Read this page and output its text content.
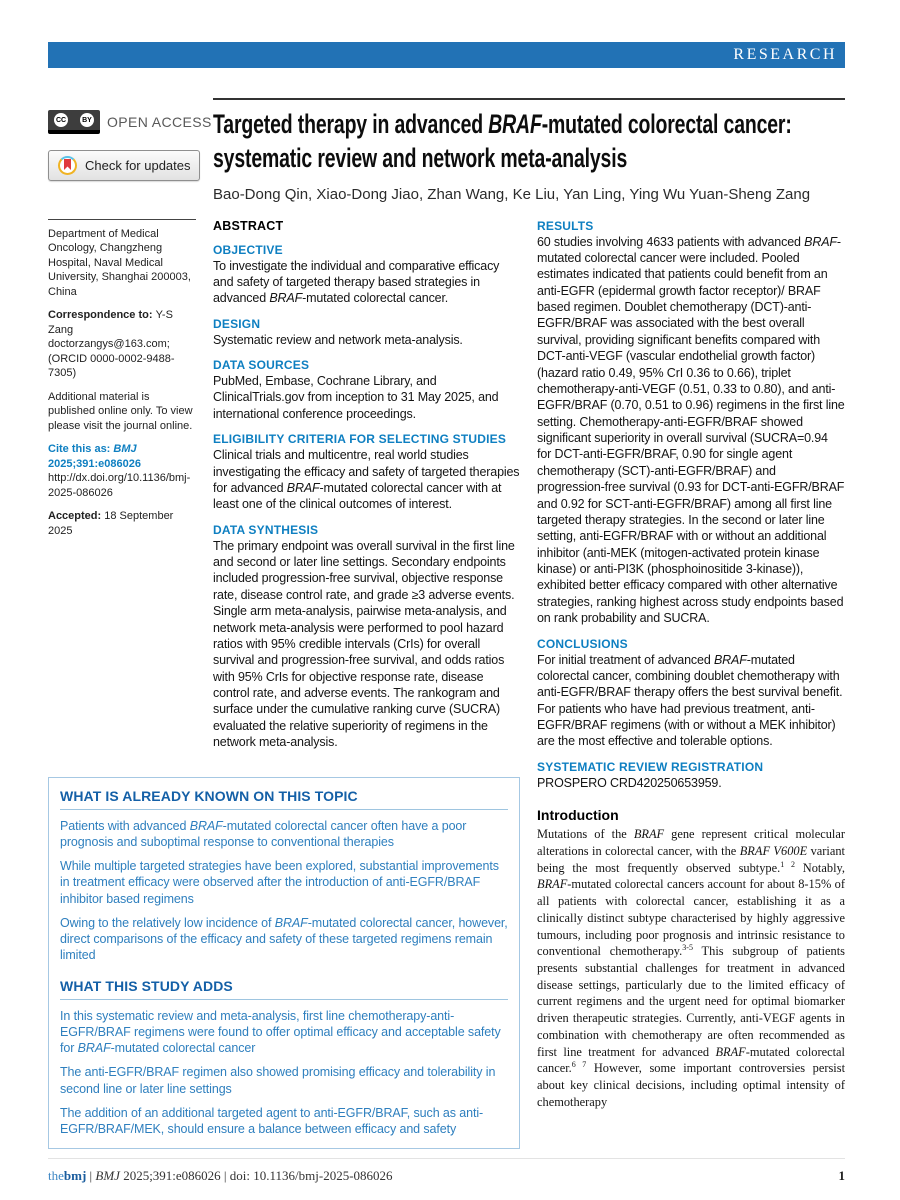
RESEARCH
CC	BY OPEN ACCESS
Check for updates
Targeted therapy in advanced BRAF-mutated colorectal cancer: systematic review and network meta-analysis
Bao-Dong Qin, Xiao-Dong Jiao, Zhan Wang, Ke Liu, Yan Ling, Ying Wu Yuan-Sheng Zang

Department of Medical Oncology, Changzheng Hospital, Naval Medical University, Shanghai 200003, China

Correspondence to: Y-S Zang doctorzangys@163.com; (ORCID 0000-0002-9488-7305)

Additional material is published online only. To view please visit the journal online.

Cite this as: BMJ 2025;391:e086026
http://dx.doi.org/10.1136/bmj-2025-086026

Accepted: 18 September 2025

ABSTRACT
OBJECTIVE

To investigate the individual and comparative efficacy and safety of targeted therapy based strategies in advanced BRAF-mutated colorectal cancer.

DESIGN

Systematic review and network meta-analysis.

DATA SOURCES

PubMed, Embase, Cochrane Library, and ClinicalTrials.gov from inception to 31 May 2025, and international conference proceedings.

ELIGIBILITY CRITERIA FOR SELECTING STUDIES

Clinical trials and multicentre, real world studies investigating the efficacy and safety of targeted therapies for advanced BRAF-mutated colorectal cancer with at least one of the clinical outcomes of interest.

DATA SYNTHESIS

The primary endpoint was overall survival in the first line and second or later line settings. Secondary endpoints included progression-free survival, objective response rate, disease control rate, and grade ≥3 adverse events. Single arm meta-analysis, pairwise meta-analysis, and network meta-analysis were performed to pool hazard ratios with 95% credible intervals (CrIs) for overall survival and progression-free survival, and odds ratios with 95% CrIs for objective response rate, disease control rate, and adverse events. The rankogram and surface under the cumulative ranking curve (SUCRA) evaluated the relative superiority of regimens in the network meta-analysis.

WHAT IS ALREADY KNOWN ON THIS TOPIC

Patients with advanced BRAF-mutated colorectal cancer often have a poor prognosis and suboptimal response to conventional therapies

While multiple targeted strategies have been explored, substantial improvements in treatment efficacy were observed after the introduction of anti-EGFR/BRAF inhibitor based regimens

Owing to the relatively low incidence of BRAF-mutated colorectal cancer, however, direct comparisons of the efficacy and safety of these targeted regimens remain limited

WHAT THIS STUDY ADDS

In this systematic review and meta-analysis, first line chemotherapy-anti-EGFR/BRAF regimens were found to offer optimal efficacy and acceptable safety for BRAF-mutated colorectal cancer

The anti-EGFR/BRAF regimen also showed promising efficacy and tolerability in second line or later line settings

The addition of an additional targeted agent to anti-EGFR/BRAF, such as anti-EGFR/BRAF/MEK, should ensure a balance between efficacy and safety

RESULTS

60 studies involving 4633 patients with advanced BRAF-mutated colorectal cancer were included. Pooled estimates indicated that patients could benefit from an anti-EGFR (epidermal growth factor receptor)/ BRAF based regimen. Doublet chemotherapy (DCT)-anti-EGFR/BRAF was associated with the best overall survival, providing significant benefits compared with DCT-anti-VEGF (vascular endothelial growth factor) (hazard ratio 0.49, 95% CrI 0.36 to 0.66), triplet chemotherapy-anti-VEGF (0.51, 0.33 to 0.80), and anti-EGFR/BRAF (0.70, 0.51 to 0.96) regimens in the first line setting. Chemotherapy-anti-EGFR/BRAF showed significant superiority in overall survival (SUCRA=0.94 for DCT-anti-EGFR/BRAF, 0.90 for single agent chemotherapy (SCT)-anti-EGFR/BRAF) and progression-free survival (0.93 for DCT-anti-EGFR/BRAF and 0.92 for SCT-anti-EGFR/BRAF) among all first line targeted therapy strategies. In the second or later line setting, anti-EGFR/BRAF with or without an additional inhibitor (anti-MEK (mitogen-activated protein kinase kinase) or anti-PI3K (phosphoinositide 3-kinase)), exhibited better efficacy compared with other alternative strategies, ranking highest across study endpoints based on rank probability and SUCRA.

CONCLUSIONS

For initial treatment of advanced BRAF-mutated colorectal cancer, combining doublet chemotherapy with anti-EGFR/BRAF therapy offers the best survival benefit. For patients who have had previous treatment, anti-EGFR/BRAF regimens (with or without a MEK inhibitor) are the most effective and tolerable options.

SYSTEMATIC REVIEW REGISTRATION

PROSPERO CRD420250653959.

Introduction

Mutations of the BRAF gene represent critical molecular alterations in colorectal cancer, with the BRAF V600E variant being the most frequently observed subtype.$^{1 2}$ Notably, BRAF-mutated colorectal cancers account for about 8-15% of all patients with colorectal cancer, establishing it as a clinically distinct subtype characterised by highly aggressive tumours, including poor prognosis and intrinsic resistance to conventional chemotherapy.$^{3-5}$ This subgroup of patients presents substantial challenges for treatment in advanced disease settings, particularly due to the limited efficacy of current regimens and the urgent need for optimal biomarker driven therapeutic strategies. Currently, anti-VEGF agents in combination with chemotherapy are often recommended as first line treatment for advanced BRAF-mutated colorectal cancer.$^{6 7}$ However, some important controversies persist about key clinical decisions, including optimal intensity of chemotherapy

thebmj | BMJ 2025;391:e086026 | doi: 10.1136/bmj-2025-086026	1
